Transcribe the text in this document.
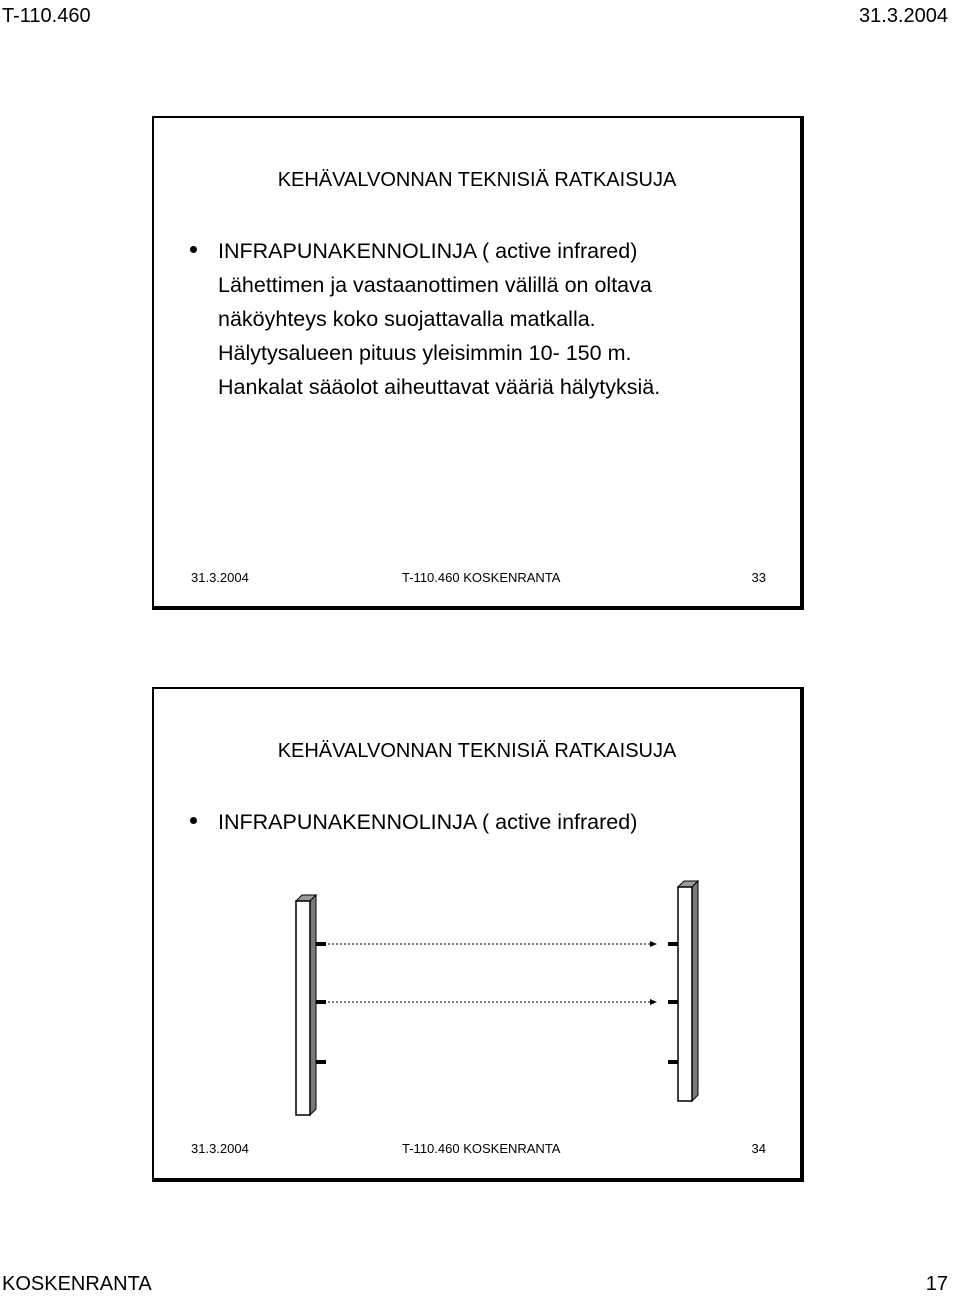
T-110.460	31.3.2004
KEHÄVALVONNAN TEKNISIÄ RATKAISUJA
INFRAPUNAKENNOLINJA ( active infrared)
Lähettimen ja vastaanottimen välillä on oltava
näköyhteys koko suojattavalla matkalla.
Hälytysalueen pituus yleisimmin 10- 150 m.
Hankalat sääolot aiheuttavat vääriä hälytyksiä.
31.3.2004	T-110.460 KOSKENRANTA	33
KEHÄVALVONNAN TEKNISIÄ RATKAISUJA
INFRAPUNAKENNOLINJA ( active infrared)
31.3.2004	T-110.460 KOSKENRANTA	34
KOSKENRANTA	17
